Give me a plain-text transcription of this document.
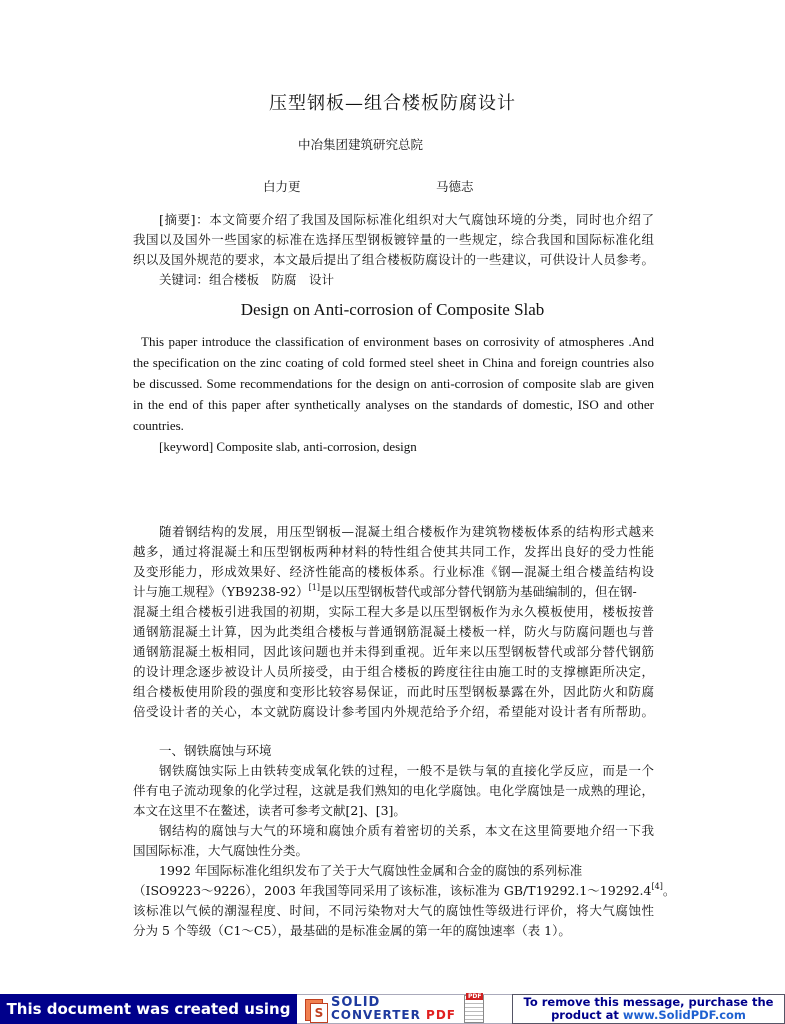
压型钢板—组合楼板防腐设计
中冶集团建筑研究总院
白力更	马德志
[摘要]：本文简要介绍了我国及国际标准化组织对大气腐蚀环境的分类，同时也介绍了
我国以及国外一些国家的标准在选择压型钢板镀锌量的一些规定，综合我国和国际标准化组
织以及国外规范的要求，本文最后提出了组合楼板防腐设计的一些建议，可供设计人员参考。
关键词：组合楼板　防腐　设计
Design on Anti-corrosion of Composite Slab
This paper introduce the classification of environment bases on corrosivity of atmospheres .And
the specification on the zinc coating of cold formed steel sheet in China and foreign countries also
be discussed. Some recommendations for the design on anti-corrosion of composite slab are given
in the end of this paper after synthetically analyses on the standards of domestic, ISO and other
countries.
[keyword] Composite slab, anti-corrosion, design
随着钢结构的发展，用压型钢板—混凝土组合楼板作为建筑物楼板体系的结构形式越来
越多，通过将混凝土和压型钢板两种材料的特性组合使其共同工作，发挥出良好的受力性能
及变形能力，形成效果好、经济性能高的楼板体系。行业标准《钢—混凝土组合楼盖结构设
计与施工规程》（YB9238-92）[1]是以压型钢板替代或部分替代钢筋为基础编制的，但在钢-
混凝土组合楼板引进我国的初期，实际工程大多是以压型钢板作为永久模板使用，楼板按普
通钢筋混凝土计算，因为此类组合楼板与普通钢筋混凝土楼板一样，防火与防腐问题也与普
通钢筋混凝土板相同，因此该问题也并未得到重视。近年来以压型钢板替代或部分替代钢筋
的设计理念逐步被设计人员所接受，由于组合楼板的跨度往往由施工时的支撑檩距所决定，
组合楼板使用阶段的强度和变形比较容易保证，而此时压型钢板暴露在外，因此防火和防腐
倍受设计者的关心，本文就防腐设计参考国内外规范给予介绍，希望能对设计者有所帮助。
一、钢铁腐蚀与环境
钢铁腐蚀实际上由铁转变成氧化铁的过程，一般不是铁与氧的直接化学反应，而是一个
伴有电子流动现象的化学过程，这就是我们熟知的电化学腐蚀。电化学腐蚀是一成熟的理论，
本文在这里不在鳌述，读者可参考文献[2]、[3]。
钢结构的腐蚀与大气的环境和腐蚀介质有着密切的关系，本文在这里简要地介绍一下我
国国际标准，大气腐蚀性分类。
1992 年国际标准化组织发布了关于大气腐蚀性金属和合金的腐蚀的系列标准
（ISO9223～9226），2003 年我国等同采用了该标准，该标准为 GB/T19292.1～19292.4[4]。
该标准以气候的潮湿程度、时间，不同污染物对大气的腐蚀性等级进行评价，将大气腐蚀性
分为 5 个等级（C1～C5），最基础的是标准金属的第一年的腐蚀速率（表 1）。
This document was created using	S
SOLID
CONVERTER PDF
PDF
To remove this message, purchase the
product at www.SolidPDF.com
